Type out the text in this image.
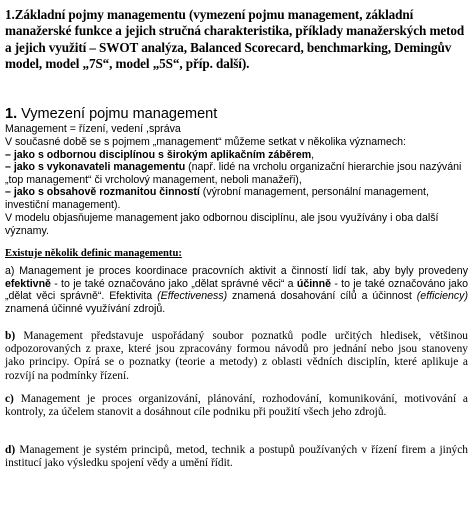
1.Základní pojmy managementu (vymezení pojmu management, základní manažerské funkce a jejich stručná charakteristika, příklady manažerských metod a jejich využití – SWOT analýza, Balanced Scorecard, benchmarking, Demingův model, model „7S“, model „5S“, příp. další).
1. Vymezení pojmu management
Management = řízení, vedení ,správa
V současné době se s pojmem „management“ můžeme setkat v několika významech:
– jako s odbornou disciplínou s širokým aplikačním záběrem,
– jako s vykonavateli managementu (např. lidé na vrcholu organizační hierarchie jsou nazýváni „top management“ či vrcholový management, neboli manažeři),
– jako s obsahově rozmanitou činností (výrobní management, personální management, investiční management).
V modelu objasňujeme management jako odbornou disciplínu, ale jsou využívány i oba další významy.
Existuje několik definic managementu:
a) Management je proces koordinace pracovních aktivit a činností lidí tak, aby byly provedeny efektivně - to je také označováno jako „dělat správné věci“ a účinně - to je také označováno jako „dělat věci správně“. Efektivita (Effectiveness) znamená dosahování cílů a účinnost (efficiency) znamená účinné využívání zdrojů.
b) Management představuje uspořádaný soubor poznatků podle určitých hledisek, většinou odpozorovaných z praxe, které jsou zpracovány formou návodů pro jednání nebo jsou stanoveny jako principy. Opírá se o poznatky (teorie a metody) z oblasti vědních disciplín, které aplikuje a rozvíjí na podmínky řízení.
c) Management je proces organizování, plánování, rozhodování, komunikování, motivování a kontroly, za účelem stanovit a dosáhnout cíle podniku při použití všech jeho zdrojů.
d) Management je systém principů, metod, technik a postupů používaných v řízení firem a jiných institucí jako výsledku spojení vědy a umění řídit.
